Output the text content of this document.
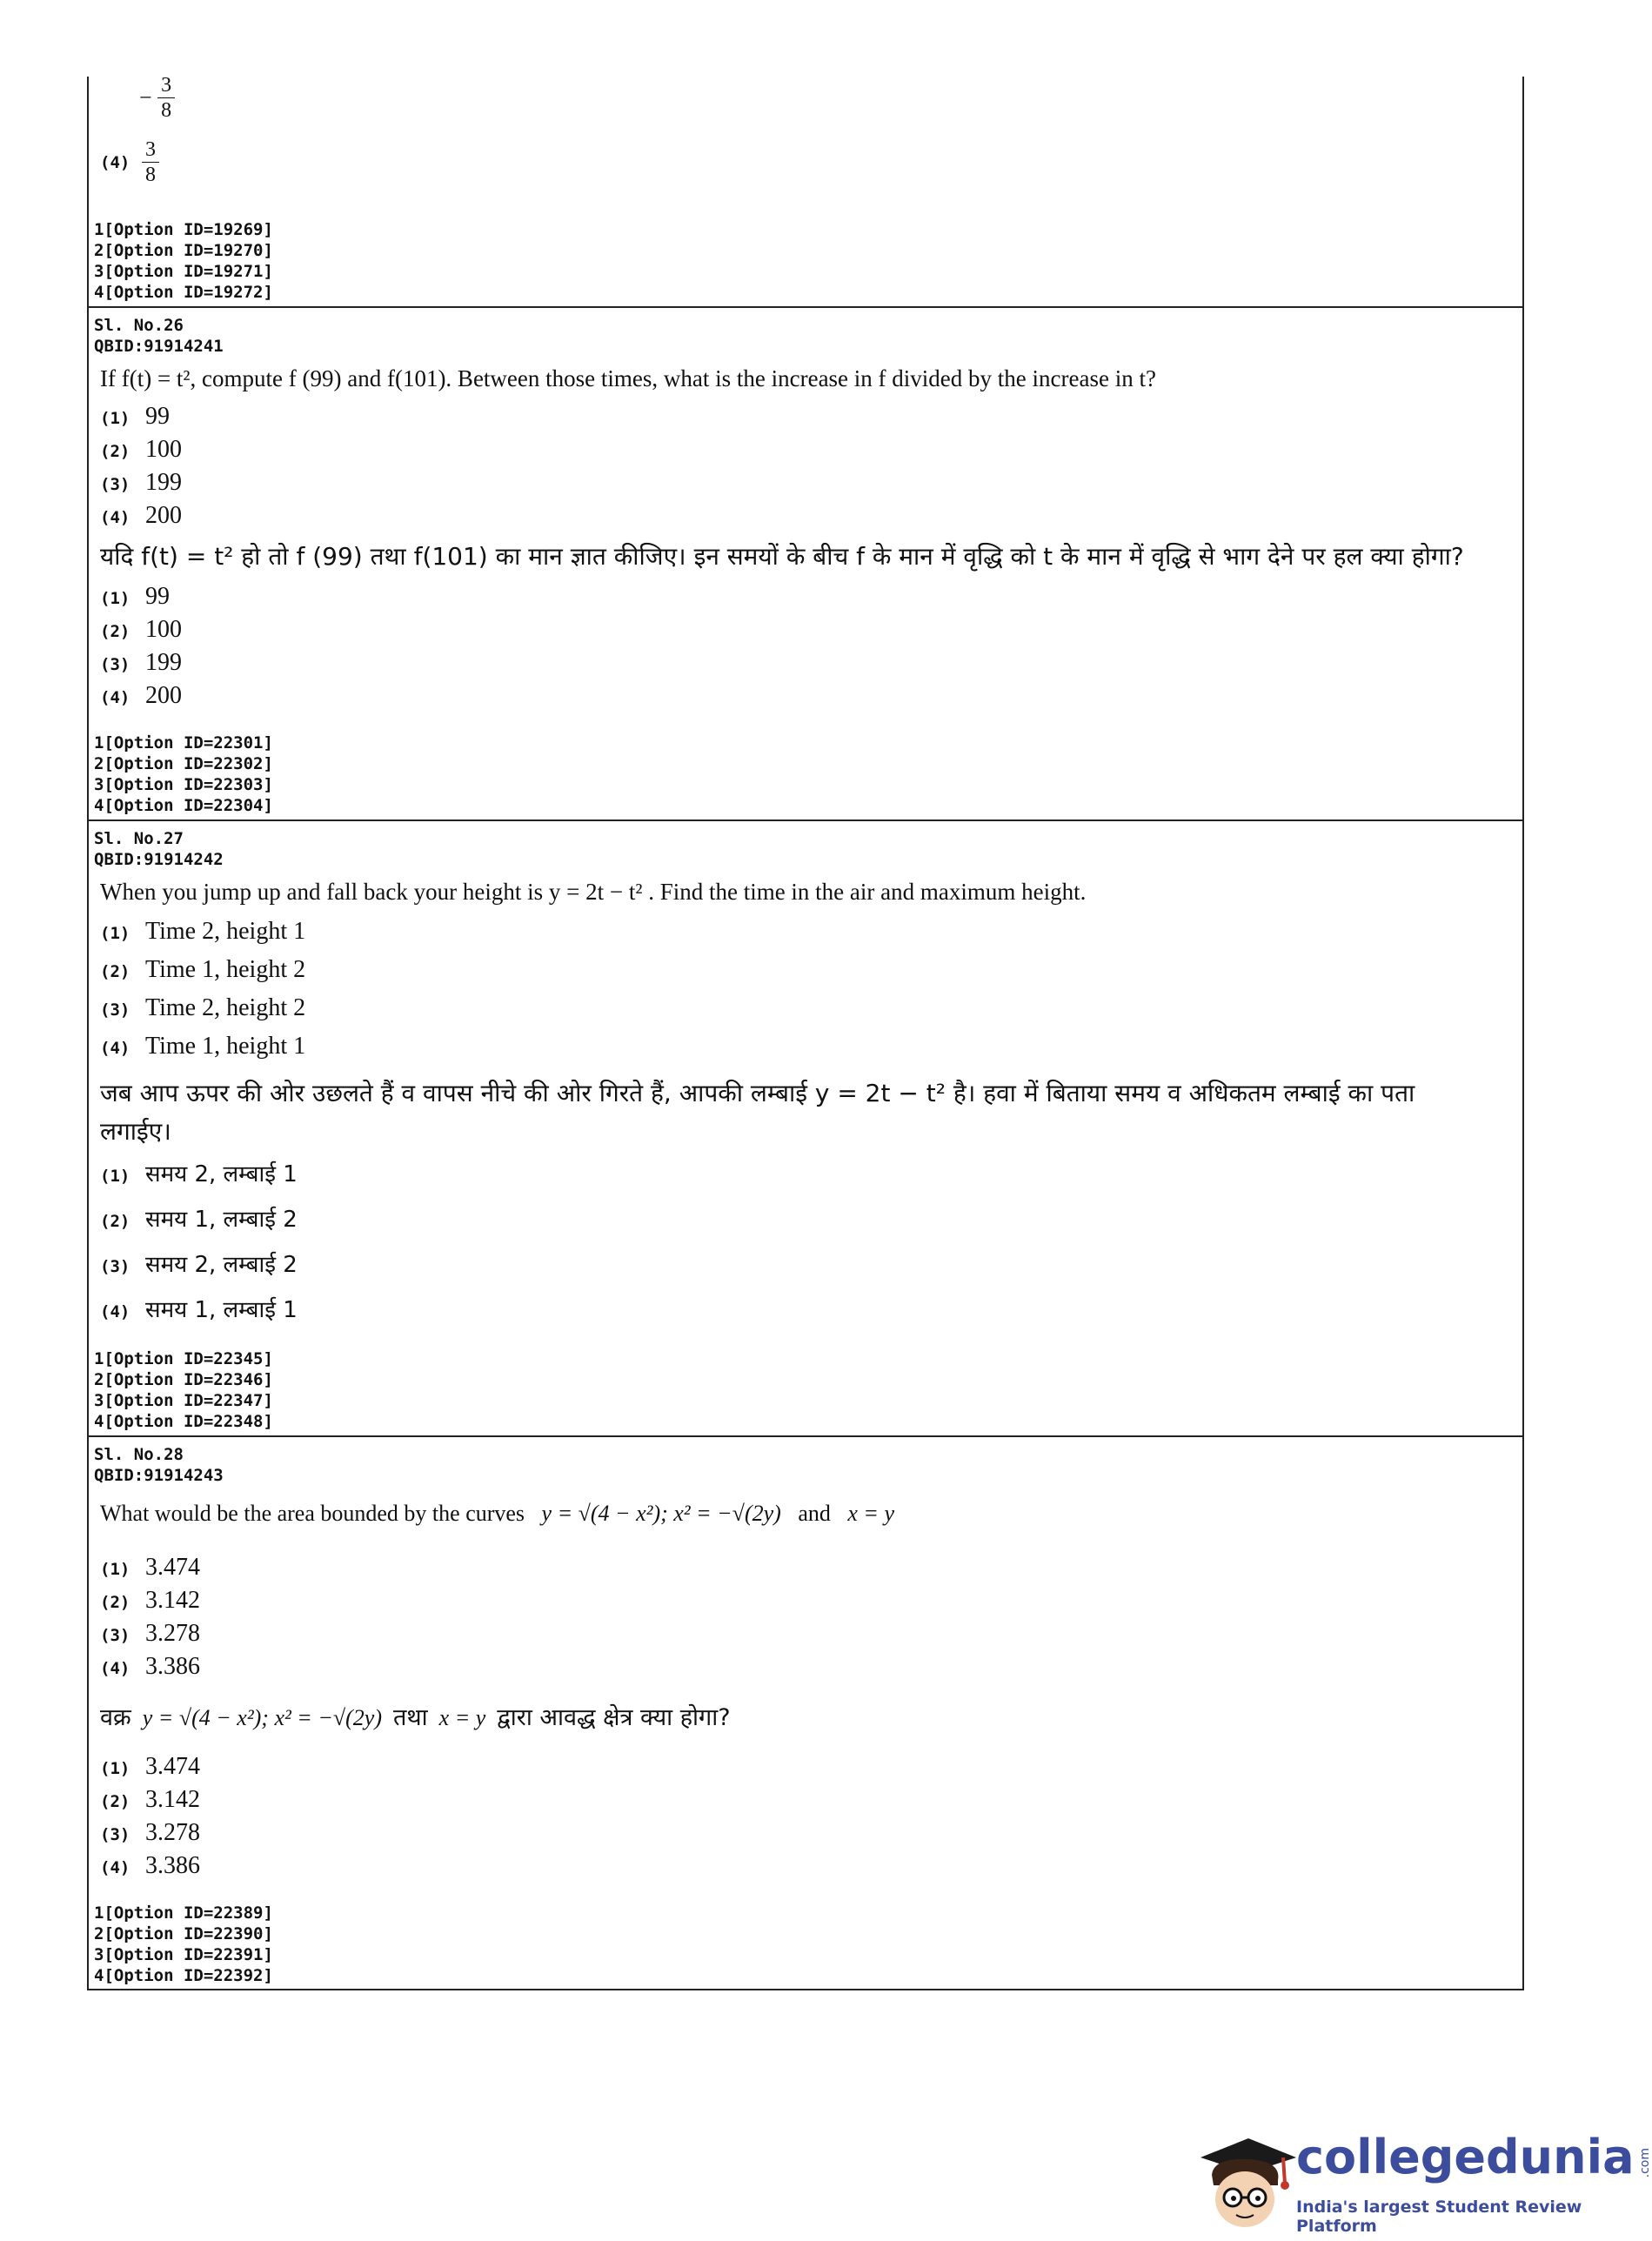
− $\frac{3}{8}$
$(4) \frac{3}{8}$
1[Option ID=19269]
2[Option ID=19270]
3[Option ID=19271]
4[Option ID=19272]
Sl. No.26
QBID:91914241
If f(t) = t², compute f (99) and f(101). Between those times, what is the increase in f divided by the increase in t?
(1) 99
(2) 100
(3) 199
(4) 200
यदि f(t) = t² हो तो f (99) तथा f(101) का मान ज्ञात कीजिए। इन समयों के बीच f के मान में वृद्धि को t के मान में वृद्धि से भाग देने पर हल क्या होगा?
(1) 99
(2) 100
(3) 199
(4) 200
1[Option ID=22301]
2[Option ID=22302]
3[Option ID=22303]
4[Option ID=22304]
Sl. No.27
QBID:91914242
When you jump up and fall back your height is y = 2t − t² . Find the time in the air and maximum height.
(1) Time 2, height 1
(2) Time 1, height 2
(3) Time 2, height 2
(4) Time 1, height 1
जब आप ऊपर की ओर उछलते हैं व वापस नीचे की ओर गिरते हैं, आपकी लम्बाई y = 2t − t² है। हवा में बिताया समय व अधिकतम लम्बाई का पता
लगाईए।
(1) समय 2, लम्बाई 1
(2) समय 1, लम्बाई 2
(3) समय 2, लम्बाई 2
(4) समय 1, लम्बाई 1
1[Option ID=22345]
2[Option ID=22346]
3[Option ID=22347]
4[Option ID=22348]
Sl. No.28
QBID:91914243
What would be the area bounded by the curves y = √(4 − x²); x² = −√(2y) and x = y
(1) 3.474
(2) 3.142
(3) 3.278
(4) 3.386
वक्र y = √(4 − x²); x² = −√(2y) तथा x = y द्वारा आवद्ध क्षेत्र क्या होगा?
(1) 3.474
(2) 3.142
(3) 3.278
(4) 3.386
1[Option ID=22389]
2[Option ID=22390]
3[Option ID=22391]
4[Option ID=22392]
collegedunia .com
India's largest Student Review Platform
